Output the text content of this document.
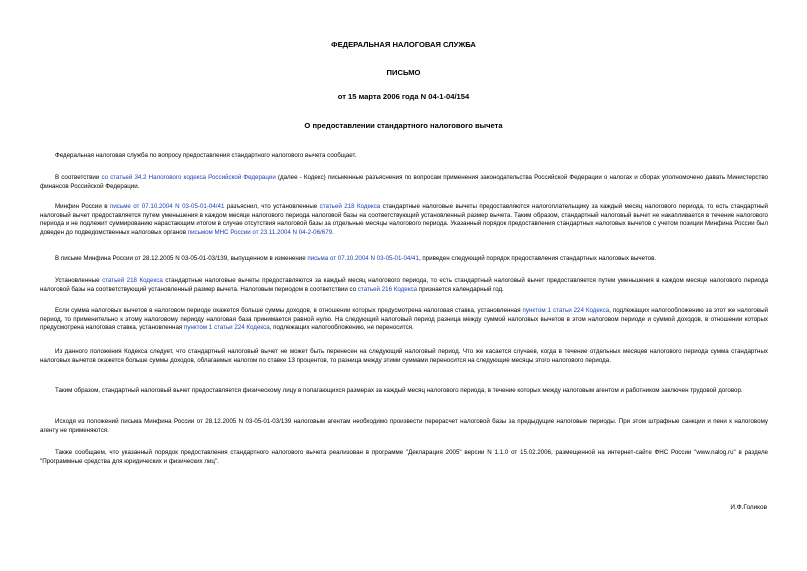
ФЕДЕРАЛЬНАЯ НАЛОГОВАЯ СЛУЖБА
ПИСЬМО
от 15 марта 2006 года N 04-1-04/154
О предоставлении стандартного налогового вычета
Федеральная налоговая служба по вопросу предоставления стандартного налогового вычета сообщает.
В соответствии со статьей 34.2 Налогового кодекса Российской Федерации (далее - Кодекс) письменные разъяснения по вопросам применения законодательства Российской Федерации о налогах и сборах уполномочено давать Министерство финансов Российской Федерации.
Минфин России в письме от 07.10.2004 N 03-05-01-04/41 разъяснил, что установленные статьей 218 Кодекса стандартные налоговые вычеты предоставляются налогоплательщику за каждый месяц налогового периода, то есть стандартный налоговый вычет предоставляется путем уменьшения в каждом месяце налогового периода налоговой базы на соответствующий установленный размер вычета. Таким образом, стандартный налоговый вычет не накапливается в течение налогового периода и не подлежит суммированию нарастающим итогом в случае отсутствия налоговой базы за отдельные месяцы налогового периода. Указанный порядок предоставления стандартных налоговых вычетов с учетом позиции Минфина России был доведен до подведомственных налоговых органов письмом МНС России от 23.11.2004 N 04-2-06/679.
В письме Минфина России от 28.12.2005 N 03-05-01-03/139, выпущенном в изменение письма от 07.10.2004 N 03-05-01-04/41, приведен следующий порядок предоставления стандартных налоговых вычетов.
Установленные статьей 218 Кодекса стандартные налоговые вычеты предоставляются за каждый месяц налогового периода, то есть стандартный налоговый вычет предоставляется путем уменьшения в каждом месяце налогового периода налоговой базы на соответствующий установленный размер вычета. Налоговым периодом в соответствии со статьей 216 Кодекса признается календарный год.
Если сумма налоговых вычетов в налоговом периоде окажется больше суммы доходов, в отношении которых предусмотрена налоговая ставка, установленная пунктом 1 статьи 224 Кодекса, подлежащих налогообложению за этот же налоговый период, то применительно к этому налоговому периоду налоговая база принимается равной нулю. На следующий налоговый период разница между суммой налоговых вычетов в этом налоговом периоде и суммой доходов, в отношении которых предусмотрена налоговая ставка, установленная пунктом 1 статьи 224 Кодекса, подлежащих налогообложению, не переносится.
Из данного положения Кодекса следует, что стандартный налоговый вычет не может быть перенесен на следующий налоговый период. Что же касается случаев, когда в течение отдельных месяцев налогового периода сумма стандартных налоговых вычетов окажется больше суммы доходов, облагаемых налогом по ставке 13 процентов, то разница между этими суммами переносится на следующие месяцы этого налогового периода.
Таким образом, стандартный налоговый вычет предоставляется физическому лицу в полагающихся размерах за каждый месяц налогового периода, в течение которых между налоговым агентом и работником заключен трудовой договор.
Исходя из положений письма Минфина России от 28.12.2005 N 03-05-01-03/139 налоговым агентам необходимо произвести перерасчет налоговой базы за предыдущие налоговые периоды. При этом штрафные санкции и пени к налоговому агенту не применяются.
Также сообщаем, что указанный порядок предоставления стандартного налогового вычета реализован в программе "Декларация 2005" версии N 1.1.0 от 15.02.2006, размещенной на интернет-сайте ФНС России "www.nalog.ru" в разделе "Программные средства для юридических и физических лиц".
И.Ф.Голиков
